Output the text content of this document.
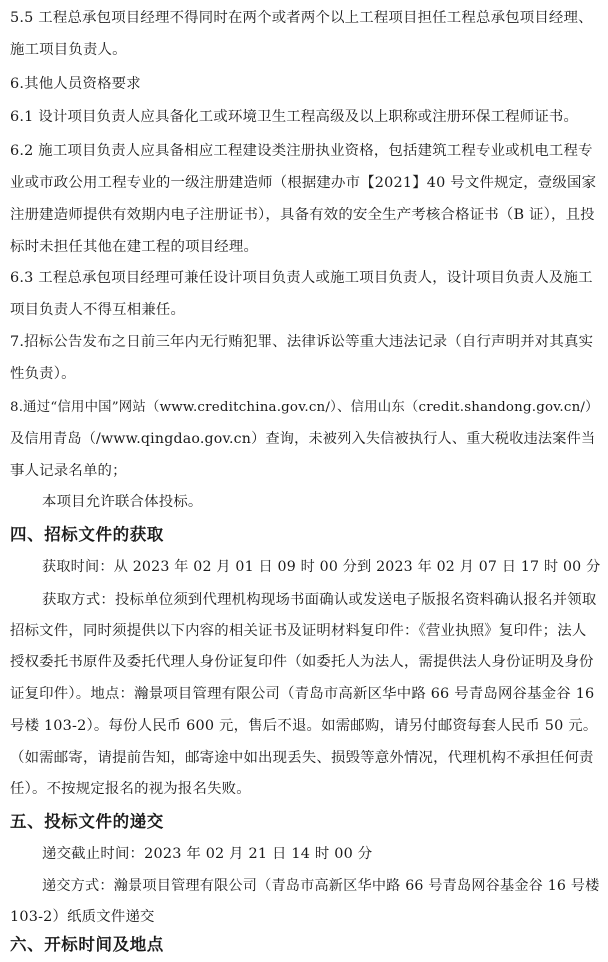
5.5 工程总承包项目经理不得同时在两个或者两个以上工程项目担任工程总承包项目经理、
施工项目负责人。
6.其他人员资格要求
6.1 设计项目负责人应具备化工或环境卫生工程高级及以上职称或注册环保工程师证书。
6.2 施工项目负责人应具备相应工程建设类注册执业资格，包括建筑工程专业或机电工程专
业或市政公用工程专业的一级注册建造师（根据建办市【2021】40 号文件规定，壹级国家
注册建造师提供有效期内电子注册证书），具备有效的安全生产考核合格证书（B 证），且投
标时未担任其他在建工程的项目经理。
6.3 工程总承包项目经理可兼任设计项目负责人或施工项目负责人，设计项目负责人及施工
项目负责人不得互相兼任。
7.招标公告发布之日前三年内无行贿犯罪、法律诉讼等重大违法记录（自行声明并对其真实
性负责）。
8.通过“信用中国”网站（www.creditchina.gov.cn/）、信用山东（credit.shandong.gov.cn/）
及信用青岛（/www.qingdao.gov.cn）查询，未被列入失信被执行人、重大税收违法案件当
事人记录名单的；
本项目允许联合体投标。
四、招标文件的获取
获取时间：从 2023 年 02 月 01 日 09 时 00 分到 2023 年 02 月 07 日 17 时 00 分
获取方式：投标单位须到代理机构现场书面确认或发送电子版报名资料确认报名并领取
招标文件，同时须提供以下内容的相关证书及证明材料复印件：《营业执照》复印件；法人
授权委托书原件及委托代理人身份证复印件（如委托人为法人，需提供法人身份证明及身份
证复印件）。地点：瀚景项目管理有限公司（青岛市高新区华中路 66 号青岛网谷基金谷 16
号楼 103-2）。每份人民币 600 元，售后不退。如需邮购，请另付邮资每套人民币 50 元。
（如需邮寄，请提前告知，邮寄途中如出现丢失、损毁等意外情况，代理机构不承担任何责
任）。不按规定报名的视为报名失败。
五、投标文件的递交
递交截止时间：2023 年 02 月 21 日 14 时 00 分
递交方式：瀚景项目管理有限公司（青岛市高新区华中路 66 号青岛网谷基金谷 16 号楼
103-2）纸质文件递交
六、开标时间及地点
